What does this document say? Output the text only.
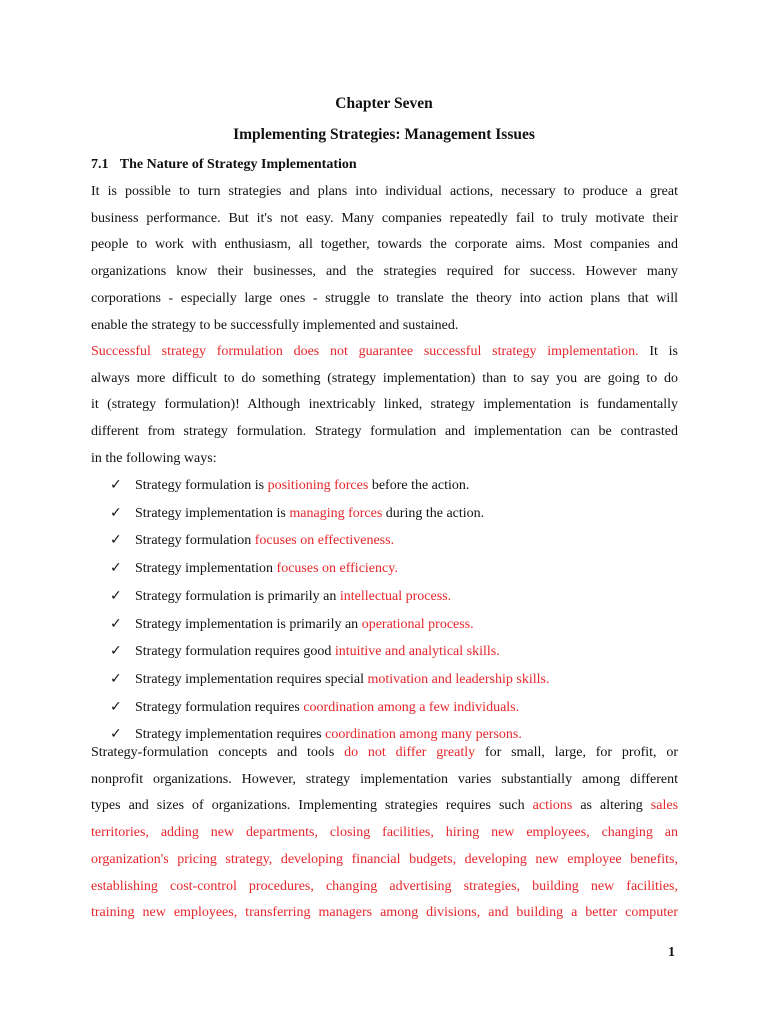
Chapter Seven
Implementing Strategies: Management Issues
7.1 The Nature of Strategy Implementation
It is possible to turn strategies and plans into individual actions, necessary to produce a great
business performance. But it's not easy. Many companies repeatedly fail to truly motivate their
people to work with enthusiasm, all together, towards the corporate aims. Most companies and
organizations know their businesses, and the strategies required for success. However many
corporations - especially large ones - struggle to translate the theory into action plans that will
enable the strategy to be successfully implemented and sustained.
Successful strategy formulation does not guarantee successful strategy implementation. It is
always more difficult to do something (strategy implementation) than to say you are going to do
it (strategy formulation)! Although inextricably linked, strategy implementation is fundamentally
different from strategy formulation. Strategy formulation and implementation can be contrasted
in the following ways:
✓ Strategy formulation is positioning forces before the action.
✓ Strategy implementation is managing forces during the action.
✓ Strategy formulation focuses on effectiveness.
✓ Strategy implementation focuses on efficiency.
✓ Strategy formulation is primarily an intellectual process.
✓ Strategy implementation is primarily an operational process.
✓ Strategy formulation requires good intuitive and analytical skills.
✓ Strategy implementation requires special motivation and leadership skills.
✓ Strategy formulation requires coordination among a few individuals.
✓ Strategy implementation requires coordination among many persons.
Strategy-formulation concepts and tools do not differ greatly for small, large, for profit, or
nonprofit organizations. However, strategy implementation varies substantially among different
types and sizes of organizations. Implementing strategies requires such actions as altering sales
territories, adding new departments, closing facilities, hiring new employees, changing an
organization's pricing strategy, developing financial budgets, developing new employee benefits,
establishing cost-control procedures, changing advertising strategies, building new facilities,
training new employees, transferring managers among divisions, and building a better computer
1
